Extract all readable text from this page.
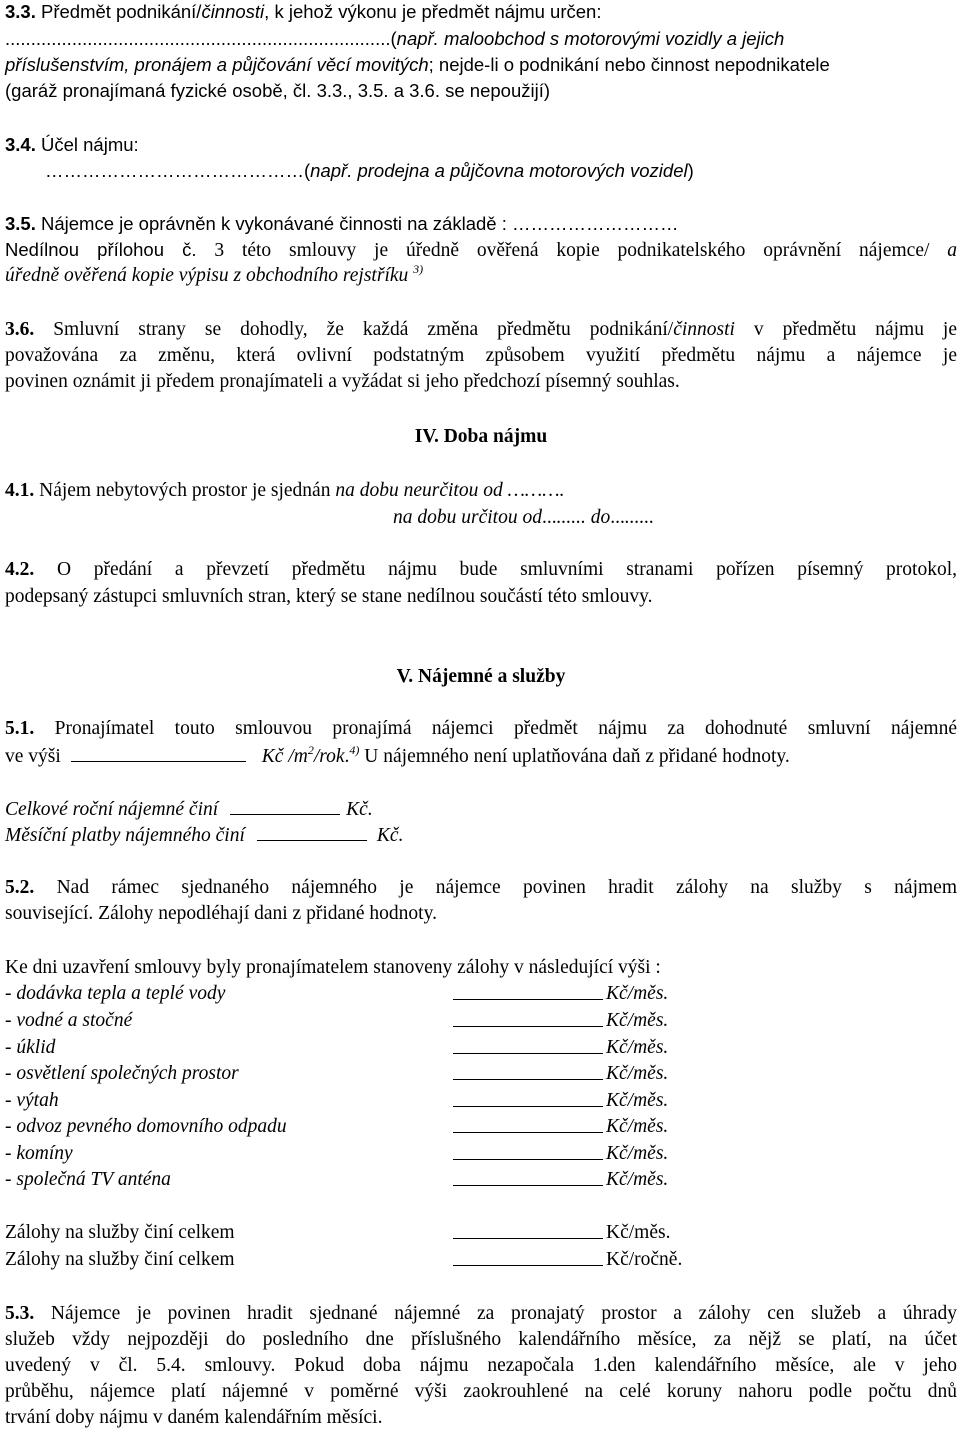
3.3. Předmět podnikání/činnosti, k jehož výkonu je předmět nájmu určen:
...........................................................................(např. maloobchod s motorovými vozidly a jejich
příslušenstvím, pronájem a půjčování věcí movitých; nejde-li o podnikání nebo činnost nepodnikatele
(garáž pronajímaná fyzické osobě, čl. 3.3., 3.5. a 3.6. se nepoužijí)
3.4. Účel nájmu:
……………………………………(např. prodejna a půjčovna motorových vozidel)
3.5. Nájemce je oprávněn k vykonávané činnosti na základě : ………………………
Nedílnou přílohou č. 3 této smlouvy je úředně ověřená kopie podnikatelského oprávnění nájemce/ a
úředně ověřená kopie výpisu z obchodního rejstříku $^{3)}$
3.6. Smluvní strany se dohodly, že každá změna předmětu podnikání/činnosti v předmětu nájmu je
považována za změnu, která ovlivní podstatným způsobem využití předmětu nájmu a nájemce je
povinen oznámit ji předem pronajímateli a vyžádat si jeho předchozí písemný souhlas.
IV. Doba nájmu
4.1. Nájem nebytových prostor je sjednán na dobu neurčitou od ……….
na dobu určitou od......... do.........
4.2. O předání a převzetí předmětu nájmu bude smluvními stranami pořízen písemný protokol,
podepsaný zástupci smluvních stran, který se stane nedílnou součástí této smlouvy.
V. Nájemné a služby
5.1. Pronajímatel touto smlouvou pronajímá nájemci předmět nájmu za dohodnuté smluvní nájemné
ve výši	Kč $/m^2/rok.^{4)}$ U nájemného není uplatňována daň z přidané hodnoty.
Celkové roční nájemné činí	Kč.
Měsíční platby nájemného činí	Kč.
5.2. Nad rámec sjednaného nájemného je nájemce povinen hradit zálohy na služby s nájmem
související. Zálohy nepodléhají dani z přidané hodnoty.
Ke dni uzavření smlouvy byly pronajímatelem stanoveny zálohy v následující výši :
- dodávka tepla a teplé vody	Kč/měs.
- vodné a stočné	Kč/měs.
- úklid	Kč/měs.
- osvětlení společných prostor	Kč/měs.
- výtah	Kč/měs.
- odvoz pevného domovního odpadu	Kč/měs.
- komíny	Kč/měs.
- společná TV anténa	Kč/měs.
Zálohy na služby činí celkem	Kč/měs.
Zálohy na služby činí celkem	Kč/ročně.
5.3. Nájemce je povinen hradit sjednané nájemné za pronajatý prostor a zálohy cen služeb a úhrady
služeb vždy nejpozději do posledního dne příslušného kalendářního měsíce, za nějž se platí, na účet
uvedený v čl. 5.4. smlouvy. Pokud doba nájmu nezapočala 1.den kalendářního měsíce, ale v jeho
průběhu, nájemce platí nájemné v poměrné výši zaokrouhlené na celé koruny nahoru podle počtu dnů
trvání doby nájmu v daném kalendářním měsíci.
